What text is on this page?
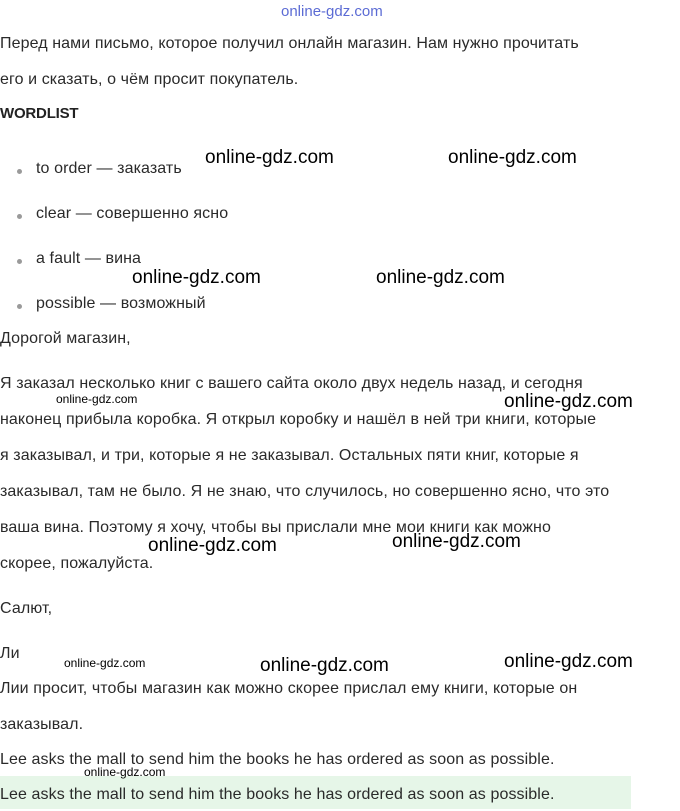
online-gdz.com
Перед нами письмо, которое получил онлайн магазин. Нам нужно прочитать
его и сказать, о чём просит покупатель.
WORDLIST
to order — заказать
clear — совершенно ясно
a fault — вина
possible — возможный
Дорогой магазин,
Я заказал несколько книг с вашего сайта около двух недель назад, и сегодня
наконец прибыла коробка. Я открыл коробку и нашёл в ней три книги, которые
я заказывал, и три, которые я не заказывал. Остальных пяти книг, которые я
заказывал, там не было. Я не знаю, что случилось, но совершенно ясно, что это
ваша вина. Поэтому я хочу, чтобы вы прислали мне мои книги как можно
скорее, пожалуйста.
Салют,
Ли
Лии просит, чтобы магазин как можно скорее прислал ему книги, которые он
заказывал.
Lee asks the mall to send him the books he has ordered as soon as possible.
Lee asks the mall to send him the books he has ordered as soon as possible.
online-gdz.com	online-gdz.com
online-gdz.com	online-gdz.com
online-gdz.com
online-gdz.com	online-gdz.com
online-gdz.com	online-gdz.com
online-gdz.com
online-gdz.com
online-gdz.com
